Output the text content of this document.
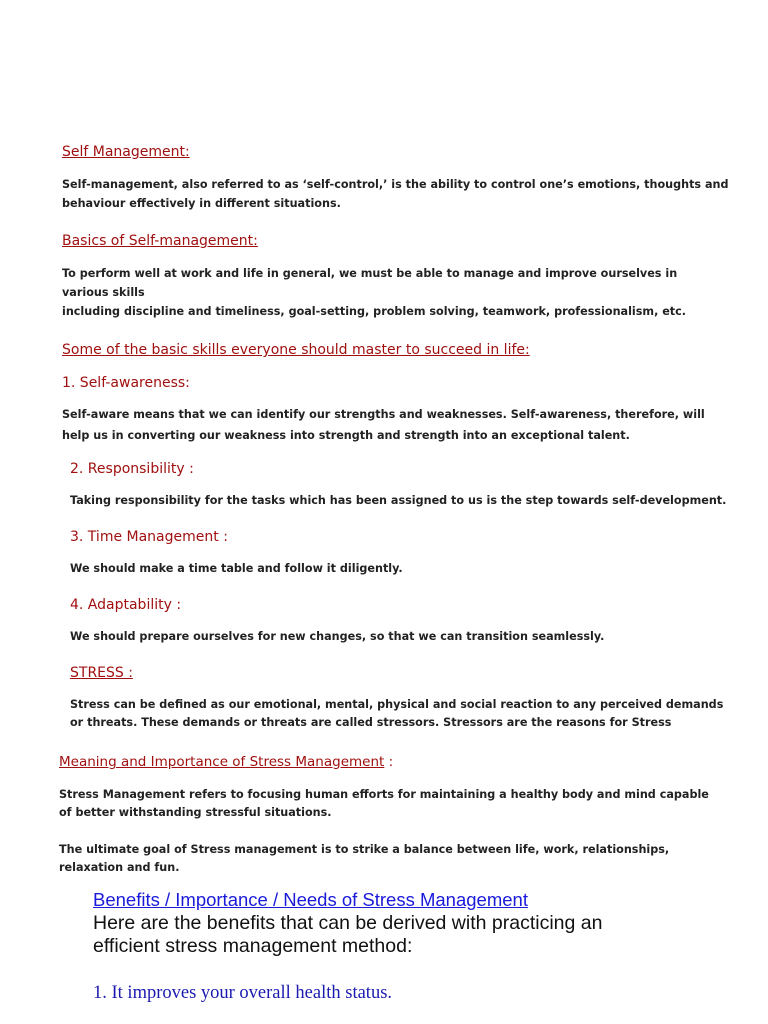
Self Management:
Self-management, also referred to as ‘self-control,’ is the ability to control one’s emotions, thoughts and behaviour effectively in different situations.
Basics of Self-management:
To perform well at work and life in general, we must be able to manage and improve ourselves in
various skills
including discipline and timeliness, goal-setting, problem solving, teamwork, professionalism, etc.
Some of the basic skills everyone should master to succeed in life:
1. Self-awareness:
Self-aware means that we can identify our strengths and weaknesses. Self-awareness, therefore, will
help us in converting our weakness into strength and strength into an exceptional talent.
2. Responsibility :
Taking responsibility for the tasks which has been assigned to us is the step towards self-development.
3. Time Management :
We should make a time table and follow it diligently.
4. Adaptability :
We should prepare ourselves for new changes, so that we can transition seamlessly.
STRESS :
Stress can be defined as our emotional, mental, physical and social reaction to any perceived demands
or threats. These demands or threats are called stressors. Stressors are the reasons for Stress
Meaning and Importance of Stress Management :
Stress Management refers to focusing human efforts for maintaining a healthy body and mind capable
of better withstanding stressful situations.
The ultimate goal of Stress management is to strike a balance between life, work, relationships,
relaxation and fun.
Benefits / Importance / Needs of Stress Management
Here are the benefits that can be derived with practicing an
efficient stress management method:
1. It improves your overall health status.
